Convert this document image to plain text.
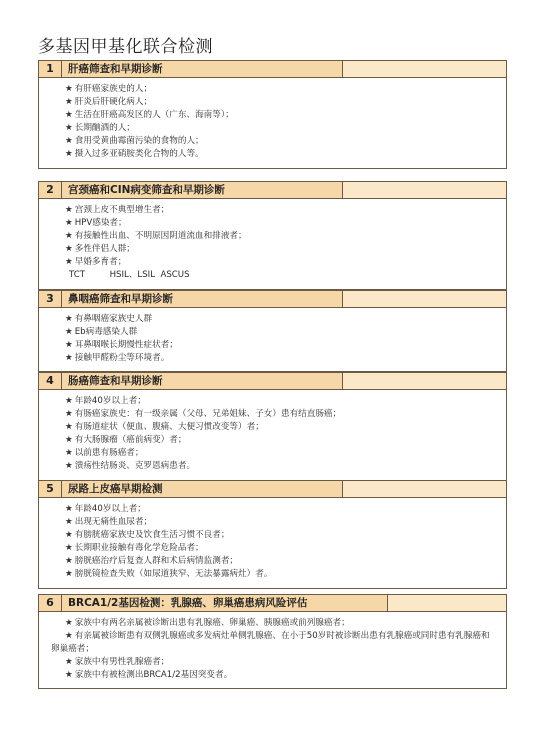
多基因甲基化联合检测
1	肝癌筛查和早期诊断
★ 有肝癌家族史的人；
★ 肝炎后肝硬化病人；
★ 生活在肝癌高发区的人（广东、海南等）；
★ 长期酗酒的人；
★ 食用受黄曲霉菌污染的食物的人；
★ 摄入过多亚硝胺类化合物的人等。
2	宫颈癌和CIN病变筛查和早期诊断
★ 宫颈上皮不典型增生者；
★ HPV感染者；
★ 有接触性出血、不明原因阴道流血和排液者；
★ 多性伴侣人群；
★ 早婚多育者；
TCT         HSIL、LSIL  ASCUS
3	鼻咽癌筛查和早期诊断
★ 有鼻咽癌家族史人群
★ Eb病毒感染人群
★ 耳鼻咽喉长期慢性症状者；
★ 接触甲醛粉尘等环境者。
4	肠癌筛查和早期诊断
★ 年龄40岁以上者；
★ 有肠癌家族史：有一级亲属（父母、兄弟姐妹、子女）患有结直肠癌；
★ 有肠道症状（便血、腹痛、大便习惯改变等）者；
★ 有大肠腺瘤（癌前病变）者；
★ 以前患有肠癌者；
★ 溃疡性结肠炎、克罗恩病患者。
5	尿路上皮癌早期检测
★ 年龄40岁以上者；
★ 出现无痛性血尿者；
★ 有膀胱癌家族史及饮食生活习惯不良者；
★ 长期职业接触有毒化学危险品者；
★ 膀胱癌治疗后复查人群和术后病情监测者；
★ 膀胱镜检查失败（如尿道狭窄、无法暴露病灶）者。
6	BRCA1/2基因检测：乳腺癌、卵巢癌患病风险评估
★ 家族中有两名亲属被诊断出患有乳腺癌、卵巢癌、胰腺癌或前列腺癌者；
★ 有亲属被诊断患有双侧乳腺癌或多发病灶单侧乳腺癌、在小于50岁时被诊断出患有乳腺癌或同时患有乳腺癌和卵巢癌者；
★ 家族中有男性乳腺癌者；
★ 家族中有被检测出BRCA1/2基因突变者。
